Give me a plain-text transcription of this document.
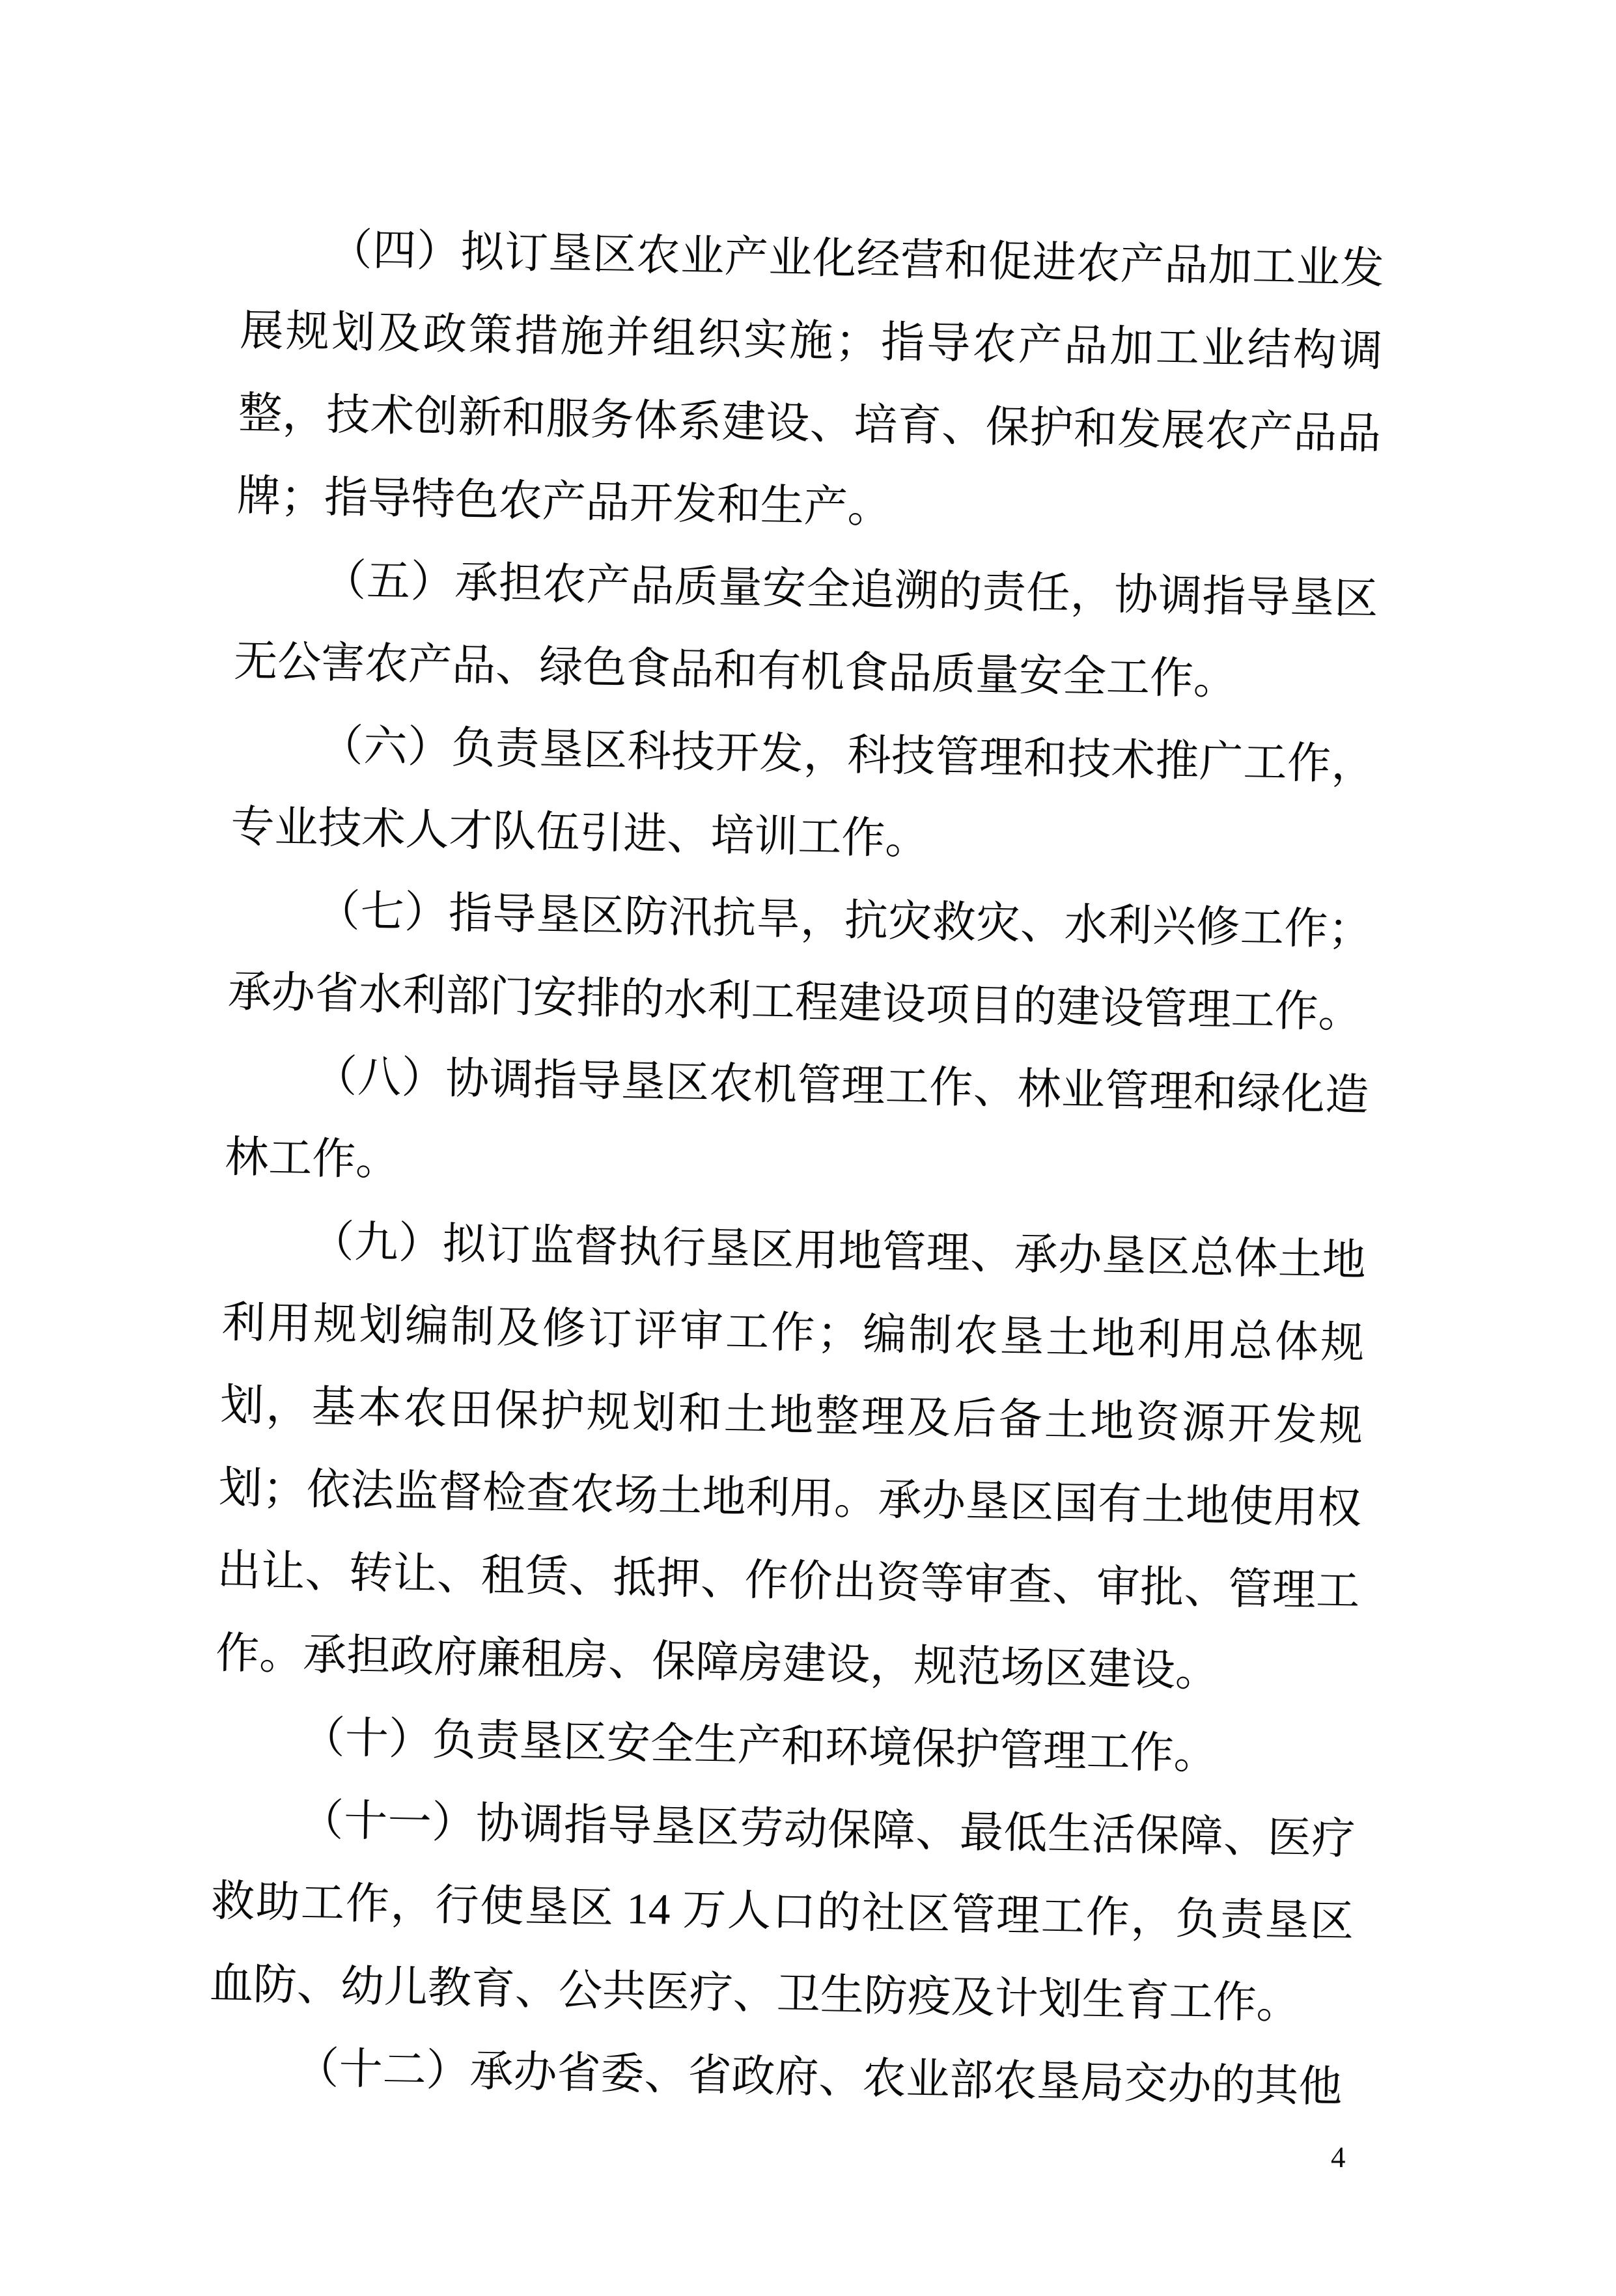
（四）拟订垦区农业产业化经营和促进农产品加工业发展规划及政策措施并组织实施；指导农产品加工业结构调整，技术创新和服务体系建设、培育、保护和发展农产品品牌；指导特色农产品开发和生产。

（五）承担农产品质量安全追溯的责任，协调指导垦区无公害农产品、绿色食品和有机食品质量安全工作。

（六）负责垦区科技开发，科技管理和技术推广工作，专业技术人才队伍引进、培训工作。

（七）指导垦区防汛抗旱，抗灾救灾、水利兴修工作；承办省水利部门安排的水利工程建设项目的建设管理工作。

（八）协调指导垦区农机管理工作、林业管理和绿化造林工作。

（九）拟订监督执行垦区用地管理、承办垦区总体土地利用规划编制及修订评审工作；编制农垦土地利用总体规划，基本农田保护规划和土地整理及后备土地资源开发规划；依法监督检查农场土地利用。承办垦区国有土地使用权出让、转让、租赁、抵押、作价出资等审查、审批、管理工作。承担政府廉租房、保障房建设，规范场区建设。

（十）负责垦区安全生产和环境保护管理工作。

（十一）协调指导垦区劳动保障、最低生活保障、医疗救助工作，行使垦区 14 万人口的社区管理工作，负责垦区血防、幼儿教育、公共医疗、卫生防疫及计划生育工作。

（十二）承办省委、省政府、农业部农垦局交办的其他

4
